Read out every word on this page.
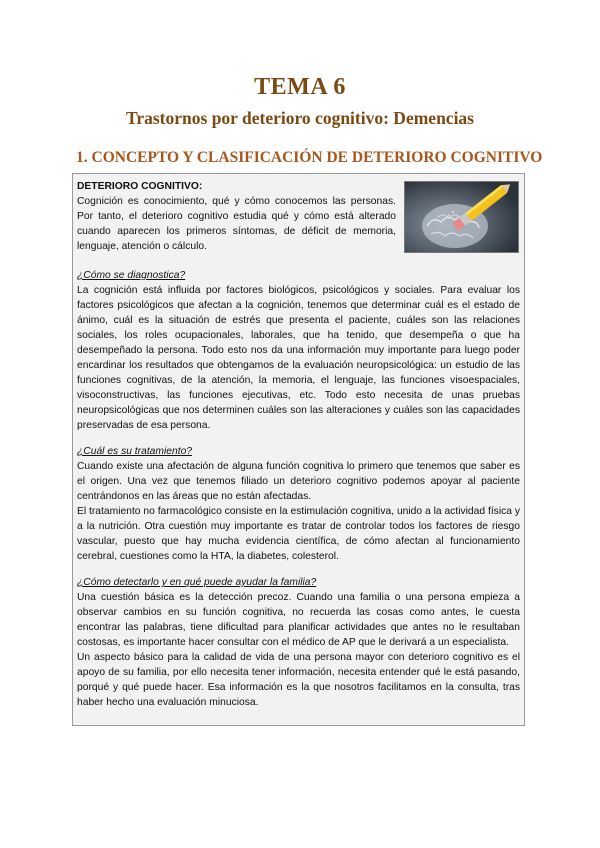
TEMA 6
Trastornos por deterioro cognitivo: Demencias
1. CONCEPTO Y CLASIFICACIÓN DE DETERIORO COGNITIVO

DETERIORO COGNITIVO:

Cognición es conocimiento, qué y cómo conocemos las personas. Por tanto, el deterioro cognitivo estudia qué y cómo está alterado cuando aparecen los primeros síntomas, de déficit de memoria, lenguaje, atención o cálculo.

¿Cómo se diagnostica?

La cognición está influida por factores biológicos, psicológicos y sociales. Para evaluar los factores psicológicos que afectan a la cognición, tenemos que determinar cuál es el estado de ánimo, cuál es la situación de estrés que presenta el paciente, cuáles son las relaciones sociales, los roles ocupacionales, laborales, que ha tenido, que desempeña o que ha desempeñado la persona. Todo esto nos da una información muy importante para luego poder encardinar los resultados que obtengamos de la evaluación neuropsicológica: un estudio de las funciones cognitivas, de la atención, la memoria, el lenguaje, las funciones visoespaciales, visoconstructivas, las funciones ejecutivas, etc. Todo esto necesita de unas pruebas neuropsicológicas que nos determinen cuáles son las alteraciones y cuáles son las capacidades preservadas de esa persona.

¿Cuál es su tratamiento?

Cuando existe una afectación de alguna función cognitiva lo primero que tenemos que saber es el origen. Una vez que tenemos filiado un deterioro cognitivo podemos apoyar al paciente centrándonos en las áreas que no están afectadas.

El tratamiento no farmacológico consiste en la estimulación cognitiva, unido a la actividad física y a la nutrición. Otra cuestión muy importante es tratar de controlar todos los factores de riesgo vascular, puesto que hay mucha evidencia científica, de cómo afectan al funcionamiento cerebral, cuestiones como la HTA, la diabetes, colesterol.

¿Cómo detectarlo y en qué puede ayudar la familia?

Una cuestión básica es la detección precoz. Cuando una familia o una persona empieza a observar cambios en su función cognitiva, no recuerda las cosas como antes, le cuesta encontrar las palabras, tiene dificultad para planificar actividades que antes no le resultaban costosas, es importante hacer consultar con el médico de AP que le derivará a un especialista.

Un aspecto básico para la calidad de vida de una persona mayor con deterioro cognitivo es el apoyo de su familia, por ello necesita tener información, necesita entender qué le está pasando, porqué y qué puede hacer. Esa información es la que nosotros facilitamos en la consulta, tras haber hecho una evaluación minuciosa.
